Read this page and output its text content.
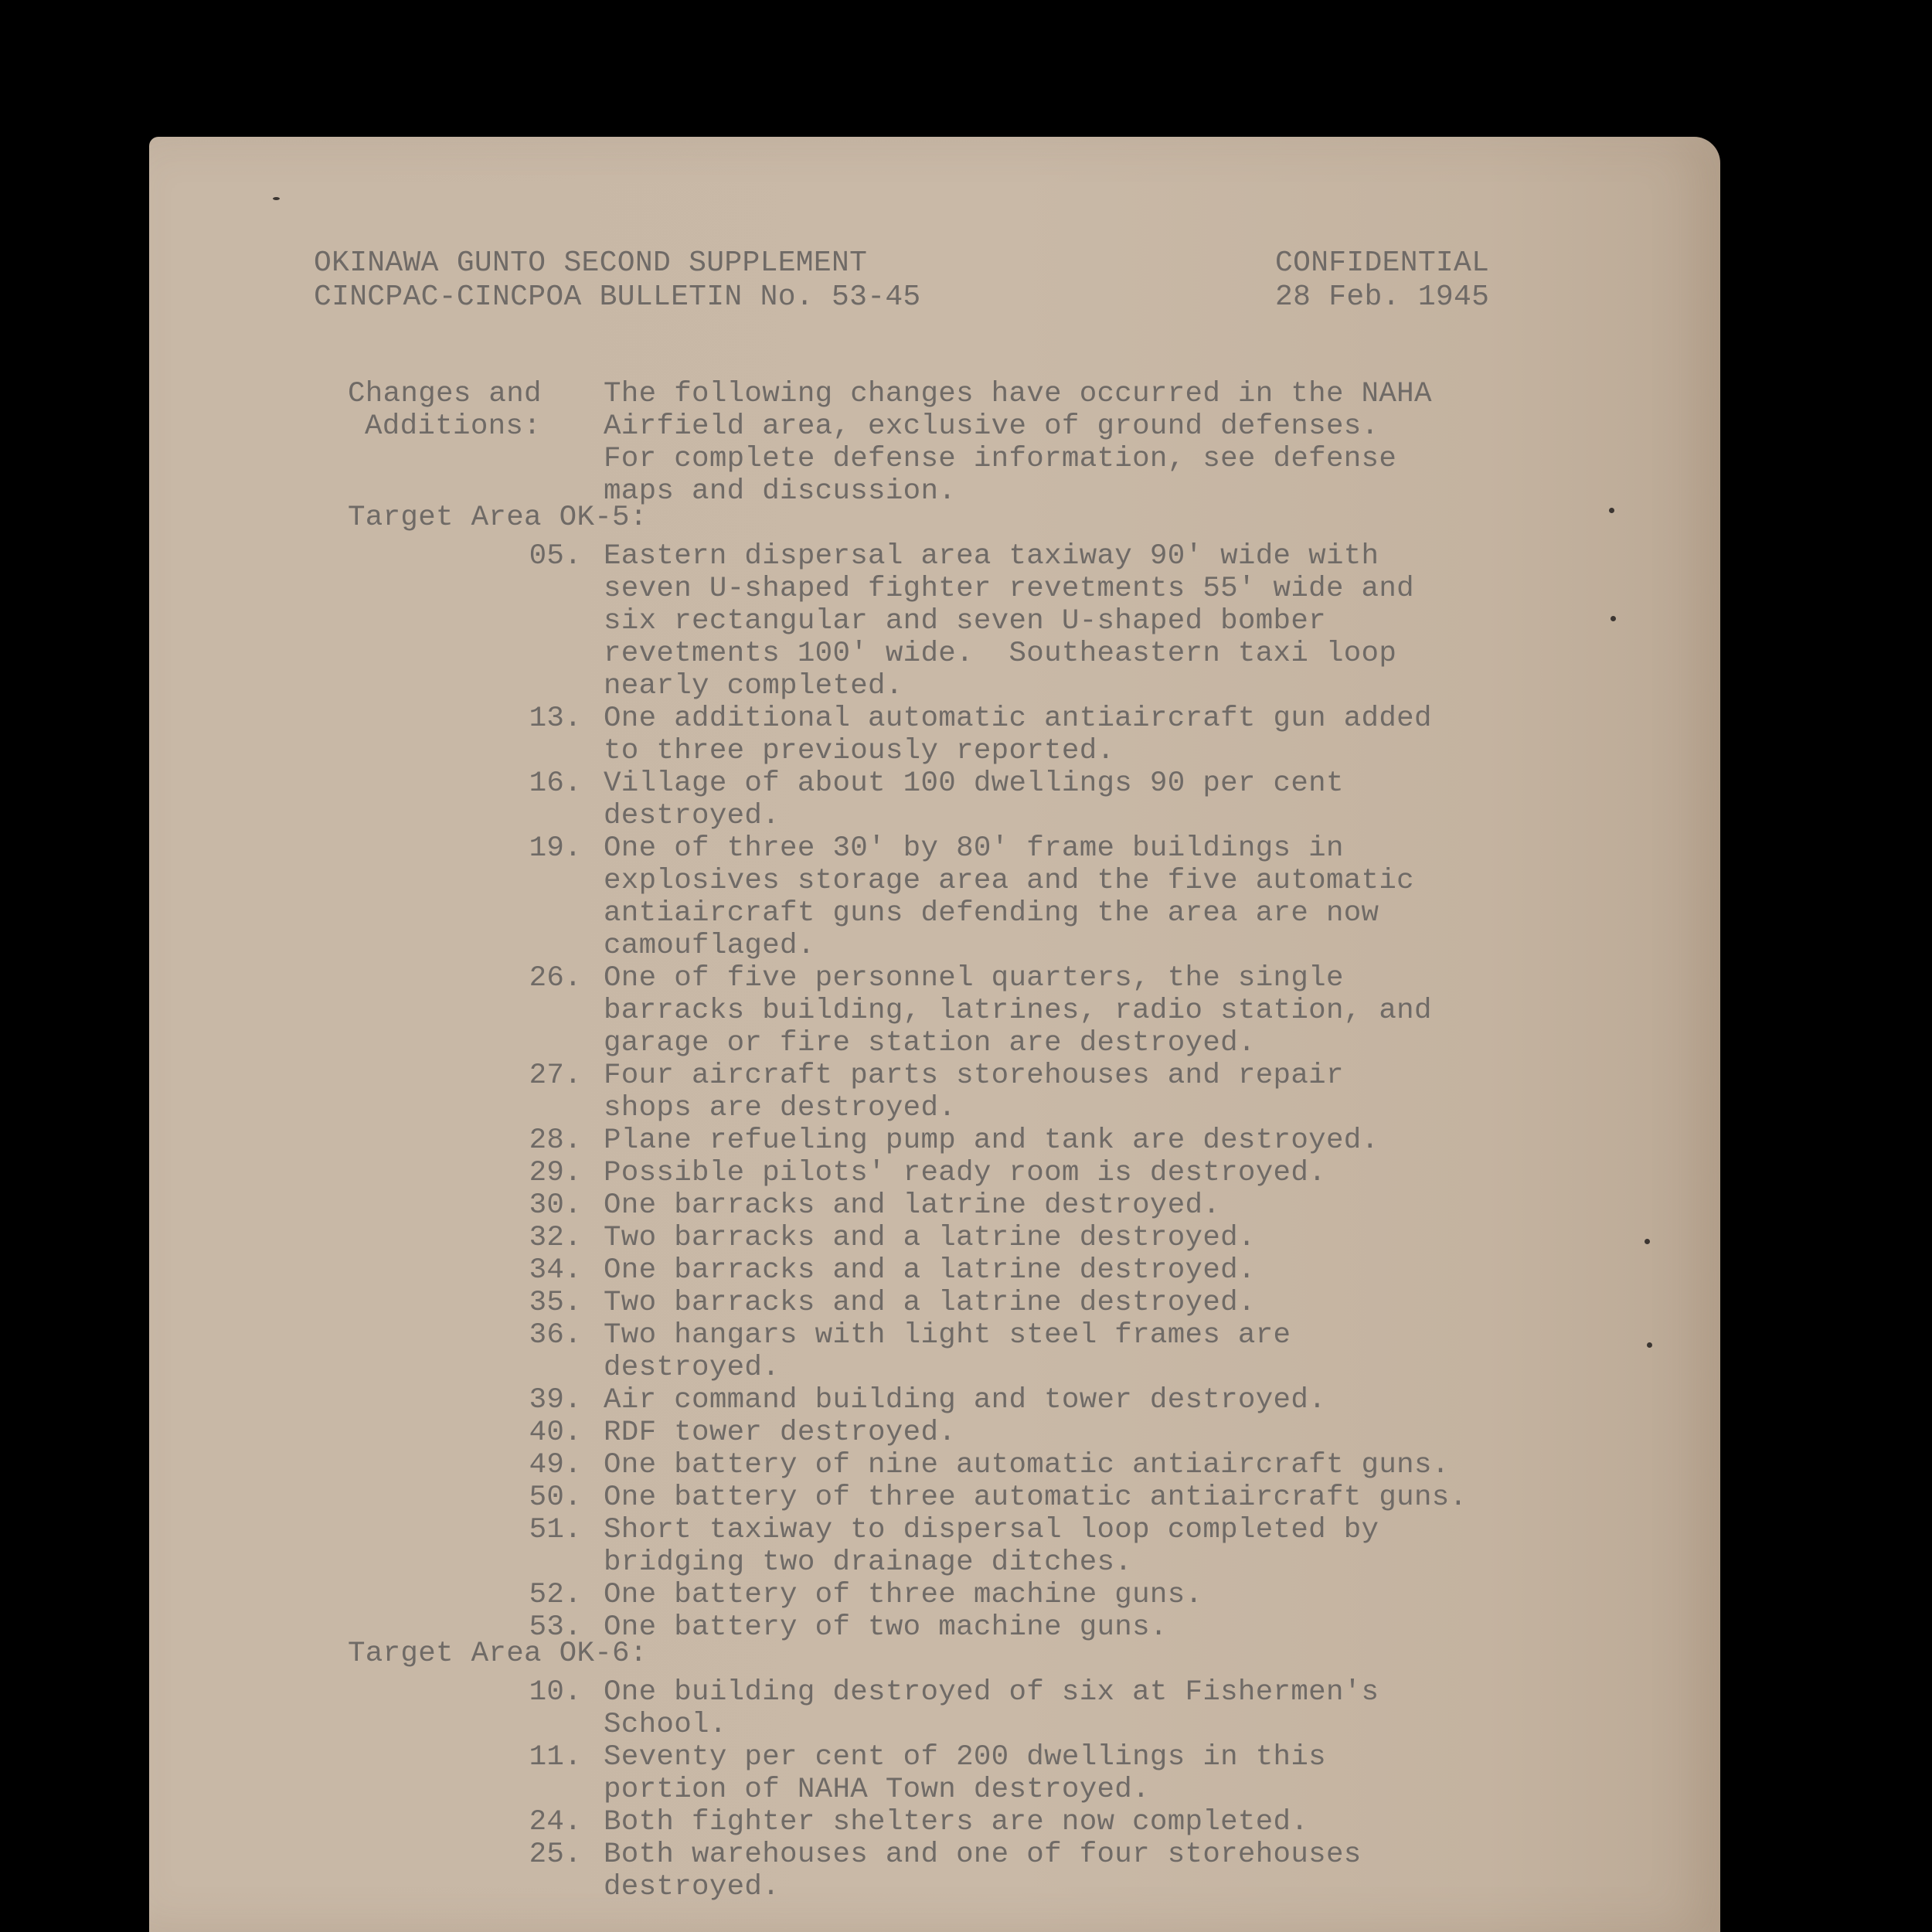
OKINAWA GUNTO SECOND SUPPLEMENT
CINCPAC-CINCPOA BULLETIN No. 53-45
CONFIDENTIAL
28 Feb. 1945
Changes and
Additions:
The following changes have occurred in the NAHA
Airfield area, exclusive of ground defenses.
For complete defense information, see defense
maps and discussion.
Target Area OK-5:
05. Eastern dispersal area taxiway 90' wide with
seven U-shaped fighter revetments 55' wide and
six rectangular and seven U-shaped bomber
revetments 100' wide.  Southeastern taxi loop
nearly completed.
13. One additional automatic antiaircraft gun added
to three previously reported.
16. Village of about 100 dwellings 90 per cent
destroyed.
19. One of three 30' by 80' frame buildings in
explosives storage area and the five automatic
antiaircraft guns defending the area are now
camouflaged.
26. One of five personnel quarters, the single
barracks building, latrines, radio station, and
garage or fire station are destroyed.
27. Four aircraft parts storehouses and repair
shops are destroyed.
28. Plane refueling pump and tank are destroyed.
29. Possible pilots' ready room is destroyed.
30. One barracks and latrine destroyed.
32. Two barracks and a latrine destroyed.
34. One barracks and a latrine destroyed.
35. Two barracks and a latrine destroyed.
36. Two hangars with light steel frames are
destroyed.
39. Air command building and tower destroyed.
40. RDF tower destroyed.
49. One battery of nine automatic antiaircraft guns.
50. One battery of three automatic antiaircraft guns.
51. Short taxiway to dispersal loop completed by
bridging two drainage ditches.
52. One battery of three machine guns.
53. One battery of two machine guns.
Target Area OK-6:
10. One building destroyed of six at Fishermen's
School.
11. Seventy per cent of 200 dwellings in this
portion of NAHA Town destroyed.
24. Both fighter shelters are now completed.
25. Both warehouses and one of four storehouses
destroyed.
